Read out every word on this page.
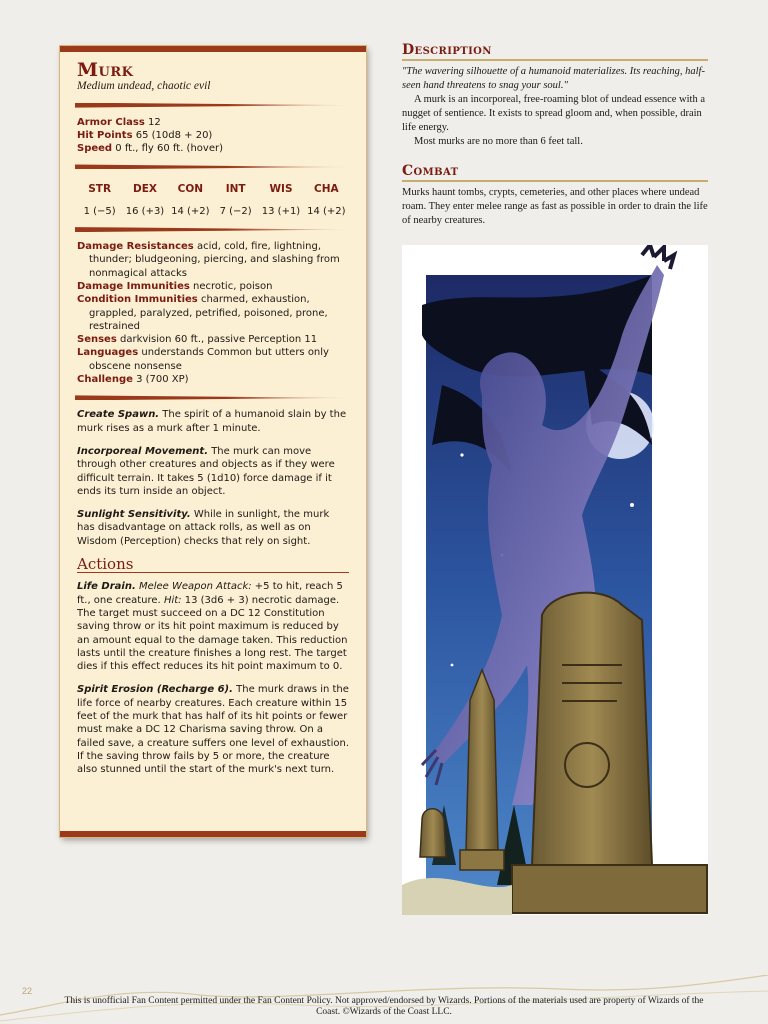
Murk
Medium undead, chaotic evil

Armor Class 12

Hit Points 65 (10d8 + 20)

Speed 0 ft., fly 60 ft. (hover)

STR
1 (−5)
DEX
16 (+3)
CON
14 (+2)
INT
7 (−2)
WIS
13 (+1)
CHA
14 (+2)

Damage Resistances acid, cold, fire, lightning, thunder; bludgeoning, piercing, and slashing from nonmagical attacks

Damage Immunities necrotic, poison

Condition Immunities charmed, exhaustion, grappled, paralyzed, petrified, poisoned, prone, restrained

Senses darkvision 60 ft., passive Perception 11

Languages understands Common but utters only obscene nonsense

Challenge 3 (700 XP)

Create Spawn. The spirit of a humanoid slain by the murk rises as a murk after 1 minute.

Incorporeal Movement. The murk can move through other creatures and objects as if they were difficult terrain. It takes 5 (1d10) force damage if it ends its turn inside an object.

Sunlight Sensitivity. While in sunlight, the murk has disadvantage on attack rolls, as well as on Wisdom (Perception) checks that rely on sight.

Actions

Life Drain. Melee Weapon Attack: +5 to hit, reach 5 ft., one creature. Hit: 13 (3d6 + 3) necrotic damage. The target must succeed on a DC 12 Constitution saving throw or its hit point maximum is reduced by an amount equal to the damage taken. This reduction lasts until the creature finishes a long rest. The target dies if this effect reduces its hit point maximum to 0.

Spirit Erosion (Recharge 6). The murk draws in the life force of nearby creatures. Each creature within 15 feet of the murk that has half of its hit points or fewer must make a DC 12 Charisma saving throw. On a failed save, a creature suffers one level of exhaustion. If the saving throw fails by 5 or more, the creature also stunned until the start of the murk's next turn.

Description

"The wavering silhouette of a humanoid materializes. Its reaching, half-seen hand threatens to snag your soul."

A murk is an incorporeal, free-roaming blot of undead essence with a nugget of sentience. It exists to spread gloom and, when possible, drain life energy.

Most murks are no more than 6 feet tall.

Combat

Murks haunt tombs, crypts, cemeteries, and other places where undead roam. They enter melee range as fast as possible in order to drain the life of nearby creatures.

22
This is unofficial Fan Content permitted under the Fan Content Policy. Not approved/endorsed by Wizards. Portions of the materials used are property of Wizards of the Coast. ©Wizards of the Coast LLC.
